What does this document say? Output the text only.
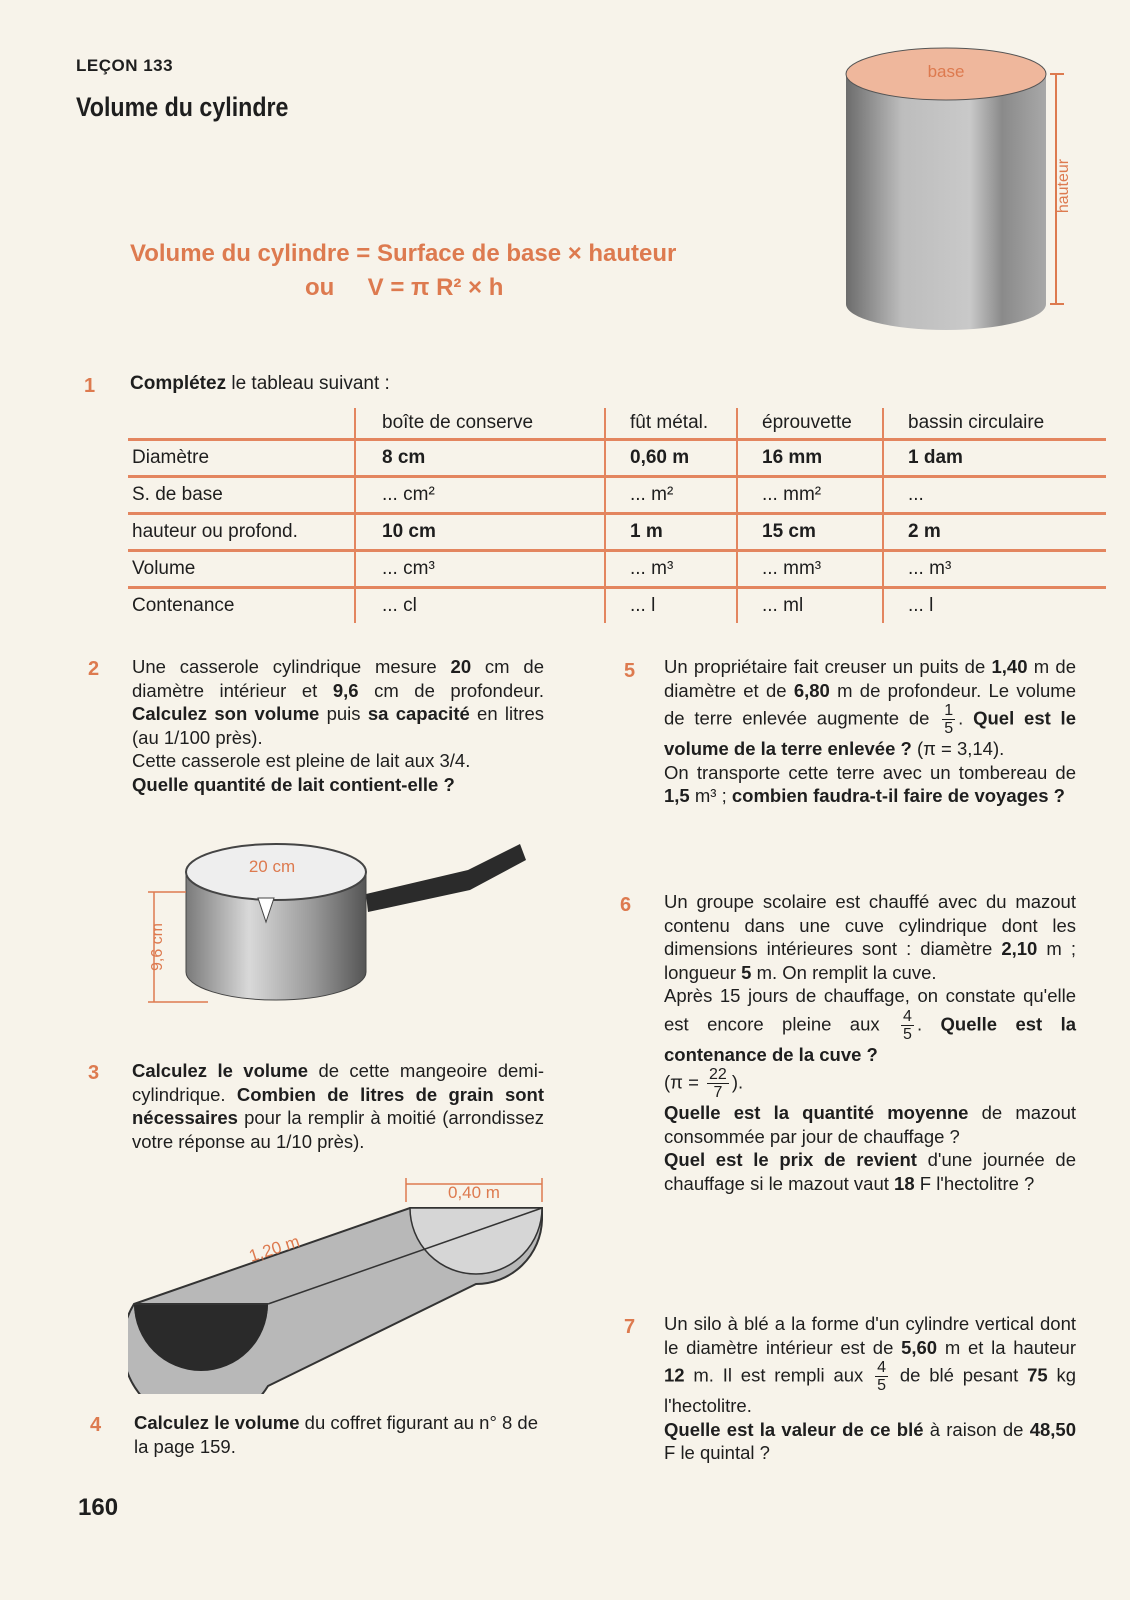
LEÇON 133
Volume du cylindre
base
hauteur
Volume du cylindre = Surface de base × hauteur
ou     V = π R² × h
1 Complétez le tableau suivant :
	boîte de conserve	fût métal.	éprouvette	bassin circulaire
Diamètre	8 cm	0,60 m	16 mm	1 dam
S. de base	... cm²	... m²	... mm²	...
hauteur ou profond.	10 cm	1 m	15 cm	2 m
Volume	... cm³	... m³	... mm³	... m³
Contenance	... cl	... l	... ml	... l
2 Une casserole cylindrique mesure 20 cm de diamètre intérieur et 9,6 cm de profondeur. Calculez son volume puis sa capacité en litres (au 1/100 près).
Cette casserole est pleine de lait aux 3/4.
Quelle quantité de lait contient-elle ?
20 cm
9,6 cm
3 Calculez le volume de cette mangeoire demi-cylindrique. Combien de litres de grain sont nécessaires pour la remplir à moitié (arrondissez votre réponse au 1/10 près).
0,40 m
1,20 m
4 Calculez le volume du coffret figurant au n° 8 de la page 159.
5 Un propriétaire fait creuser un puits de 1,40 m de diamètre et de 6,80 m de profondeur. Le volume de terre enlevée augmente de $\frac{1}{5}$ . Quel est le volume de la terre enlevée ? (π = 3,14).
On transporte cette terre avec un tombereau de 1,5 m³ ; combien faudra-t-il faire de voyages ?
6 Un groupe scolaire est chauffé avec du mazout contenu dans une cuve cylindrique dont les dimensions intérieures sont : diamètre 2,10 m ; longueur 5 m. On remplit la cuve.
Après 15 jours de chauffage, on constate qu'elle est encore pleine aux $\frac{4}{5}$ . Quelle est la contenance de la cuve ?
($\pi = \frac{22}{7}$ ).
Quelle est la quantité moyenne de mazout consommée par jour de chauffage ?
Quel est le prix de revient d'une journée de chauffage si le mazout vaut 18 F l'hectolitre ?
7 Un silo à blé a la forme d'un cylindre vertical dont le diamètre intérieur est de 5,60 m et la hauteur 12 m. Il est rempli aux $\frac{4}{5}$ de blé pesant 75 kg l'hectolitre.
Quelle est la valeur de ce blé à raison de 48,50 F le quintal ?
160
